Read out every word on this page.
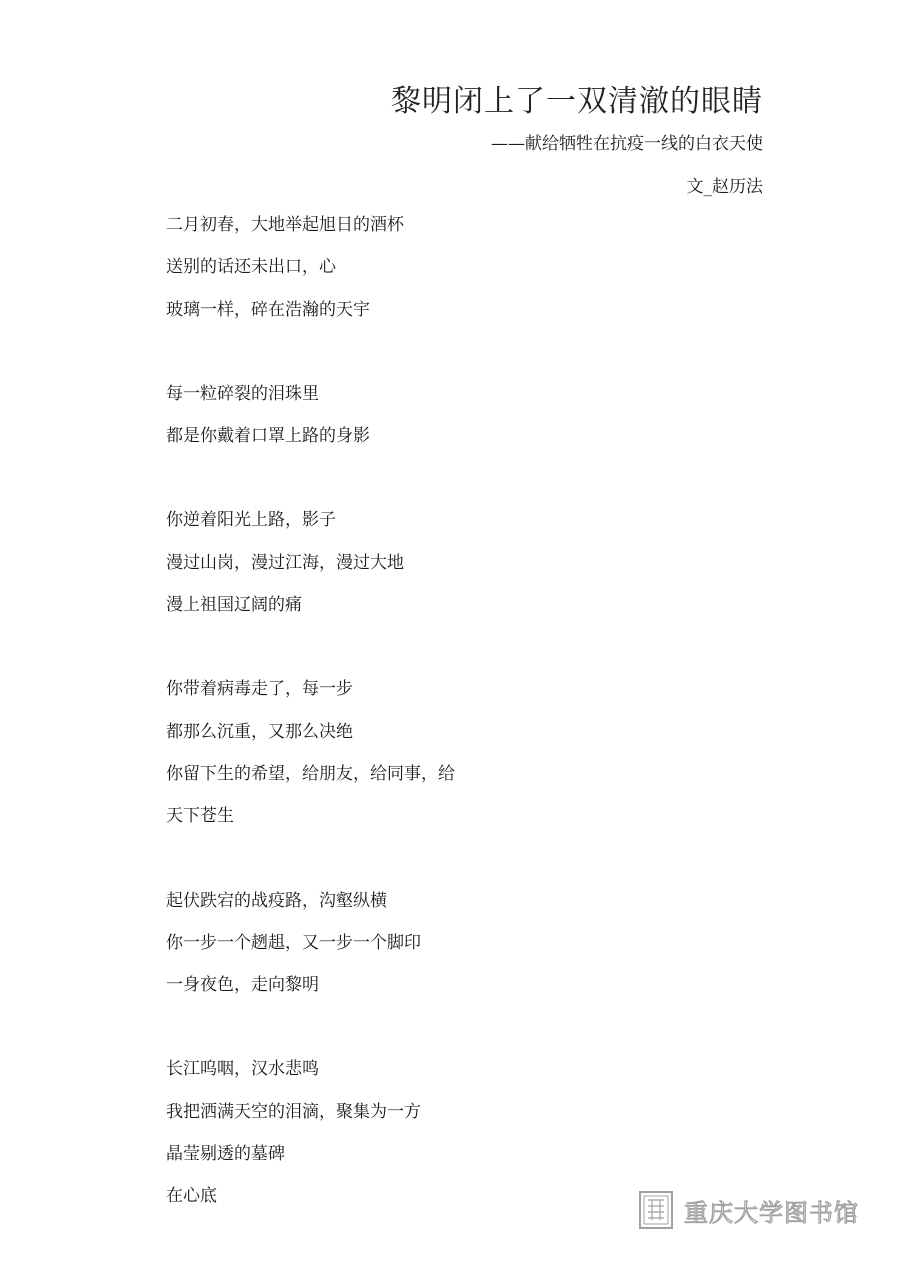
黎明闭上了一双清澈的眼睛
——献给牺牲在抗疫一线的白衣天使
文_赵历法
二月初春，大地举起旭日的酒杯
送别的话还未出口，心
玻璃一样，碎在浩瀚的天宇
每一粒碎裂的泪珠里
都是你戴着口罩上路的身影
你逆着阳光上路，影子
漫过山岗，漫过江海，漫过大地
漫上祖国辽阔的痛
你带着病毒走了，每一步
都那么沉重，又那么决绝
你留下生的希望，给朋友，给同事，给
天下苍生
起伏跌宕的战疫路，沟壑纵横
你一步一个趔趄，又一步一个脚印
一身夜色，走向黎明
长江呜咽，汉水悲鸣
我把洒满天空的泪滴，聚集为一方
晶莹剔透的墓碑
在心底
重庆大学图书馆
